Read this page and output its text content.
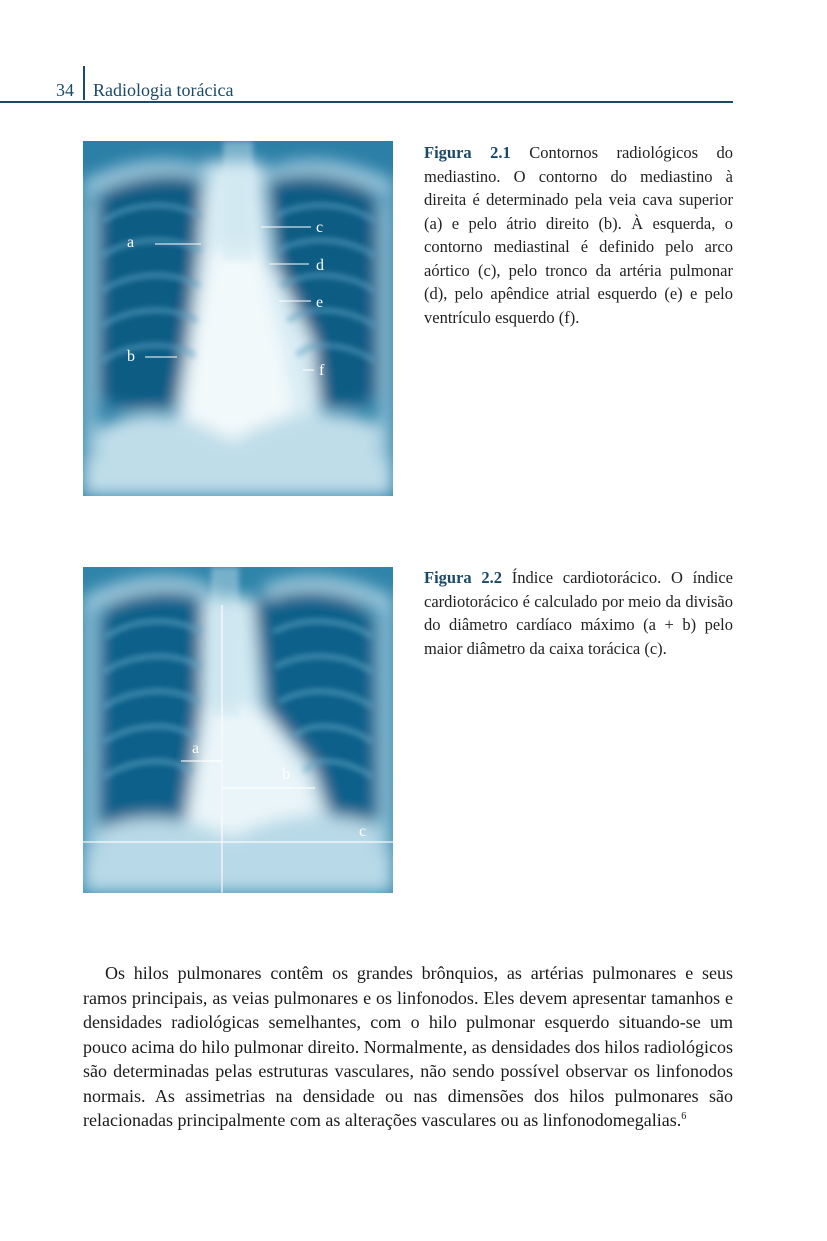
34 Radiologia torácica
a
c
d
e
b
f
Figura 2.1 Contornos radiológicos do mediastino. O contorno do mediastino à direita é determinado pela veia cava superior (a) e pelo átrio direito (b). À esquerda, o contorno mediastinal é definido pelo arco aórtico (c), pelo tronco da artéria pulmonar (d), pelo apêndice atrial esquerdo (e) e pelo ventrículo esquerdo (f).
a
b
c
Figura 2.2 Índice cardiotorácico. O índice cardiotorácico é calculado por meio da divisão do diâmetro cardíaco máximo (a + b) pelo maior diâmetro da caixa torácica (c).
Os hilos pulmonares contêm os grandes brônquios, as artérias pulmonares e seus ramos principais, as veias pulmonares e os linfonodos. Eles devem apresentar tamanhos e densidades radiológicas semelhantes, com o hilo pulmonar esquerdo situando-se um pouco acima do hilo pulmonar direito. Normalmente, as densidades dos hilos radiológicos são determinadas pelas estruturas vasculares, não sendo possível observar os linfonodos normais. As assimetrias na densidade ou nas dimensões dos hilos pulmonares são relacionadas principalmente com as alterações vasculares ou as linfonodomegalias.$^6$
